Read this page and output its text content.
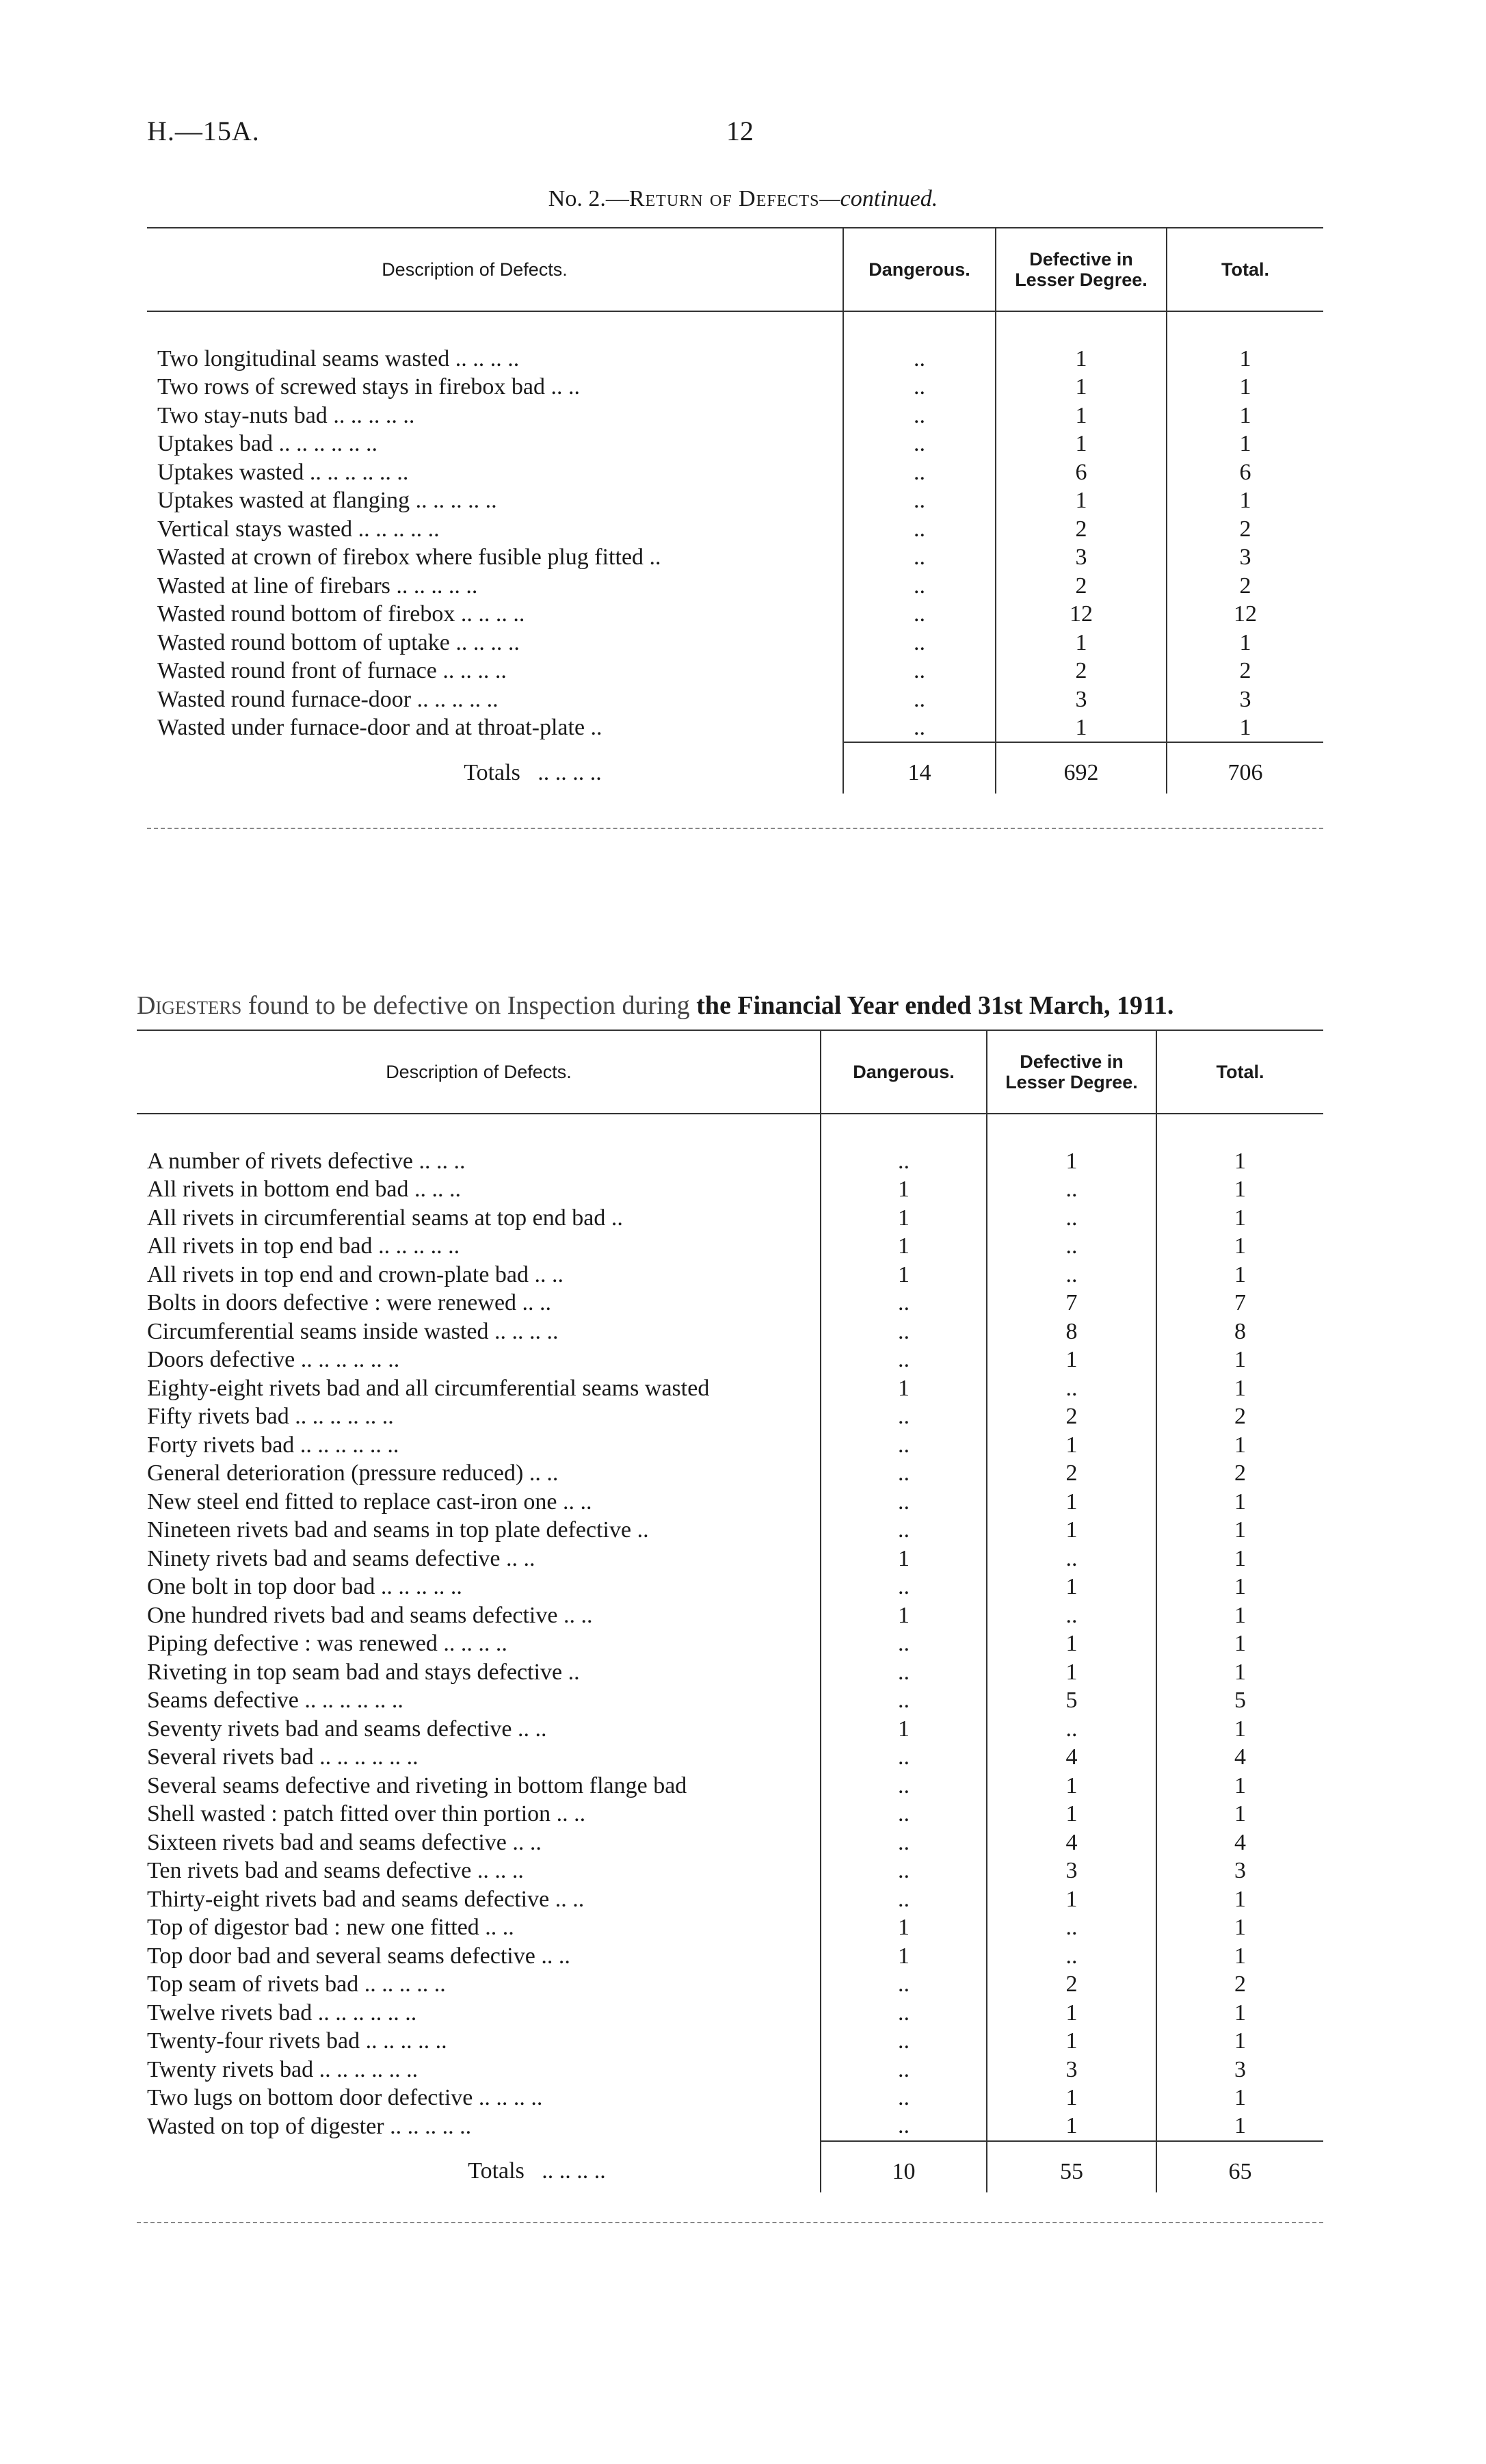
H.—15A.	12
No. 2.—Return of Defects—continued.
Description of Defects.		Dangerous.	Defective in Lesser Degree.	Total.

Two longitudinal seams wasted .. .. .. ..		..	1	1
Two rows of screwed stays in firebox bad .. ..		..	1	1
Two stay-nuts bad .. .. .. .. ..		..	1	1
Uptakes bad .. .. .. .. .. ..		..	1	1
Uptakes wasted .. .. .. .. .. ..		..	6	6
Uptakes wasted at flanging .. .. .. .. ..		..	1	1
Vertical stays wasted .. .. .. .. ..		..	2	2
Wasted at crown of firebox where fusible plug fitted ..		..	3	3
Wasted at line of firebars .. .. .. .. ..		..	2	2
Wasted round bottom of firebox .. .. .. ..		..	12	12
Wasted round bottom of uptake .. .. .. ..		..	1	1
Wasted round front of furnace .. .. .. ..		..	2	2
Wasted round furnace-door .. .. .. .. ..		..	3	3
Wasted under furnace-door and at throat-plate ..		..	1	1
Totals .. .. .. ..		14	692	706
Digesters found to be defective on Inspection during the Financial Year ended 31st March, 1911.
Description of Defects.		Dangerous.	Defective in Lesser Degree.	Total.

A number of rivets defective .. .. ..		..	1	1
All rivets in bottom end bad .. .. ..		1	..	1
All rivets in circumferential seams at top end bad ..		1	..	1
All rivets in top end bad .. .. .. .. ..		1	..	1
All rivets in top end and crown-plate bad .. ..		1	..	1
Bolts in doors defective : were renewed .. ..		..	7	7
Circumferential seams inside wasted .. .. .. ..		..	8	8
Doors defective .. .. .. .. .. ..		..	1	1
Eighty-eight rivets bad and all circumferential seams wasted		1	..	1
Fifty rivets bad .. .. .. .. .. ..		..	2	2
Forty rivets bad .. .. .. .. .. ..		..	1	1
General deterioration (pressure reduced) .. ..		..	2	2
New steel end fitted to replace cast-iron one .. ..		..	1	1
Nineteen rivets bad and seams in top plate defective ..		..	1	1
Ninety rivets bad and seams defective .. ..		1	..	1
One bolt in top door bad .. .. .. .. ..		..	1	1
One hundred rivets bad and seams defective .. ..		1	..	1
Piping defective : was renewed .. .. .. ..		..	1	1
Riveting in top seam bad and stays defective ..		..	1	1
Seams defective .. .. .. .. .. ..		..	5	5
Seventy rivets bad and seams defective .. ..		1	..	1
Several rivets bad .. .. .. .. .. ..		..	4	4
Several seams defective and riveting in bottom flange bad		..	1	1
Shell wasted : patch fitted over thin portion .. ..		..	1	1
Sixteen rivets bad and seams defective .. ..		..	4	4
Ten rivets bad and seams defective .. .. ..		..	3	3
Thirty-eight rivets bad and seams defective .. ..		..	1	1
Top of digestor bad : new one fitted .. ..		1	..	1
Top door bad and several seams defective .. ..		1	..	1
Top seam of rivets bad .. .. .. .. ..		..	2	2
Twelve rivets bad .. .. .. .. .. ..		..	1	1
Twenty-four rivets bad .. .. .. .. ..		..	1	1
Twenty rivets bad .. .. .. .. .. ..		..	3	3
Two lugs on bottom door defective .. .. .. ..		..	1	1
Wasted on top of digester .. .. .. .. ..		..	1	1
Totals .. .. .. ..		10	55	65
